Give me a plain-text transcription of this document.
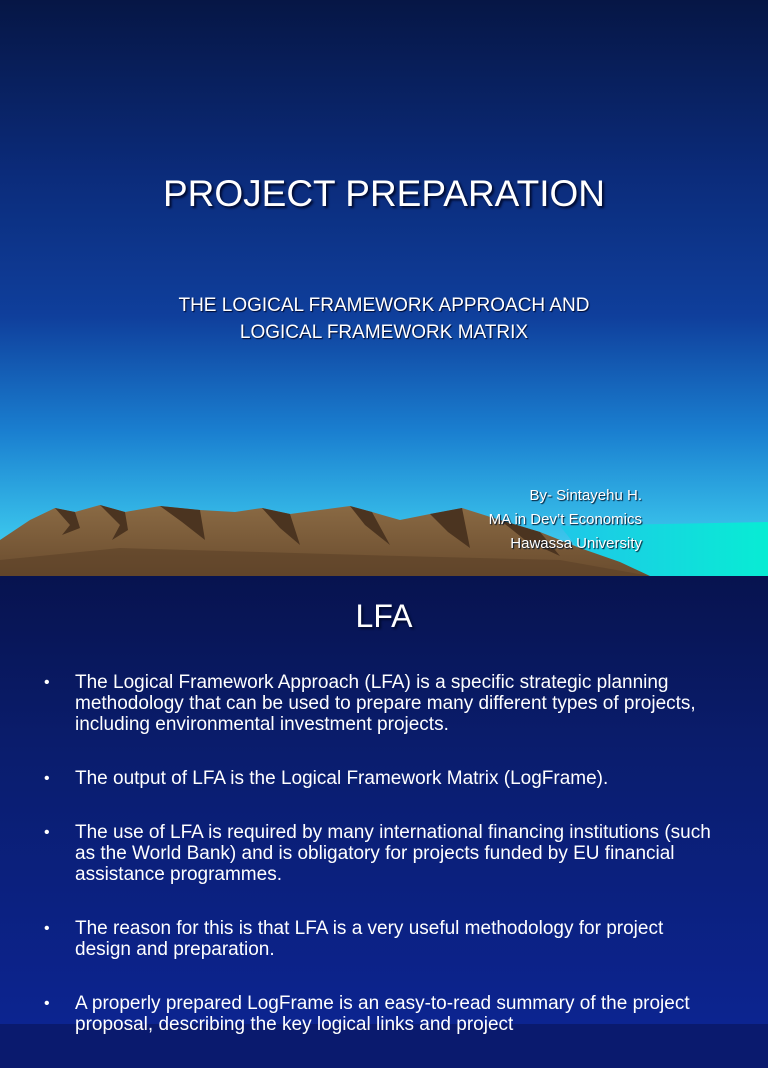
PROJECT PREPARATION
THE LOGICAL FRAMEWORK APPROACH AND
LOGICAL FRAMEWORK MATRIX
By- Sintayehu H.
MA in Dev’t Economics
Hawassa University
LFA
• The Logical Framework Approach (LFA) is a specific strategic planning methodology that can be used to prepare many different types of projects, including environmental investment projects.
• The output of LFA is the Logical Framework Matrix (LogFrame).
• The use of LFA is required by many international financing institutions (such as the World Bank) and is obligatory for projects funded by EU financial assistance programmes.
• The reason for this is that LFA is a very useful methodology for project design and preparation.
• A properly prepared LogFrame is an easy-to-read summary of the project proposal, describing the key logical links and project
